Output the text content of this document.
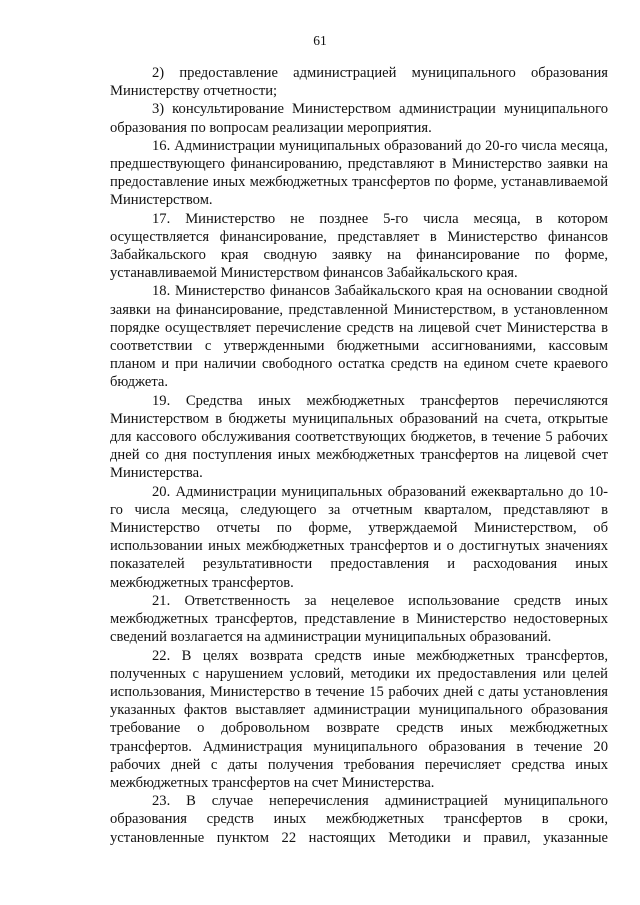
61

2) предоставление администрацией муниципального образования Министерству отчетности;

3) консультирование Министерством администрации муниципального образования по вопросам реализации мероприятия.

16. Администрации муниципальных образований до 20-го числа месяца, предшествующего финансированию, представляют в Министерство заявки на предоставление иных межбюджетных трансфертов по форме, устанавливаемой Министерством.

17. Министерство не позднее 5-го числа месяца, в котором осуществляется финансирование, представляет в Министерство финансов Забайкальского края сводную заявку на финансирование по форме, устанавливаемой Министерством финансов Забайкальского края.

18. Министерство финансов Забайкальского края на основании сводной заявки на финансирование, представленной Министерством, в установленном порядке осуществляет перечисление средств на лицевой счет Министерства в соответствии с утвержденными бюджетными ассигнованиями, кассовым планом и при наличии свободного остатка средств на едином счете краевого бюджета.

19. Средства иных межбюджетных трансфертов перечисляются Министерством в бюджеты муниципальных образований на счета, открытые для кассового обслуживания соответствующих бюджетов, в течение 5 рабочих дней со дня поступления иных межбюджетных трансфертов на лицевой счет Министерства.

20. Администрации муниципальных образований ежеквартально до 10-го числа месяца, следующего за отчетным кварталом, представляют в Министерство отчеты по форме, утверждаемой Министерством, об использовании иных межбюджетных трансфертов и о достигнутых значениях показателей результативности предоставления и расходования иных межбюджетных трансфертов.

21. Ответственность за нецелевое использование средств иных межбюджетных трансфертов, представление в Министерство недостоверных сведений возлагается на администрации муниципальных образований.

22. В целях возврата средств иные межбюджетных трансфертов, полученных с нарушением условий, методики их предоставления или целей использования, Министерство в течение 15 рабочих дней с даты установления указанных фактов выставляет администрации муниципального образования требование о добровольном возврате средств иных межбюджетных трансфертов. Администрация муниципального образования в течение 20 рабочих дней с даты получения требования перечисляет средства иных межбюджетных трансфертов на счет Министерства.

23. В случае неперечисления администрацией муниципального образования средств иных межбюджетных трансфертов в сроки, установленные пунктом 22 настоящих Методики и правил, указанные
